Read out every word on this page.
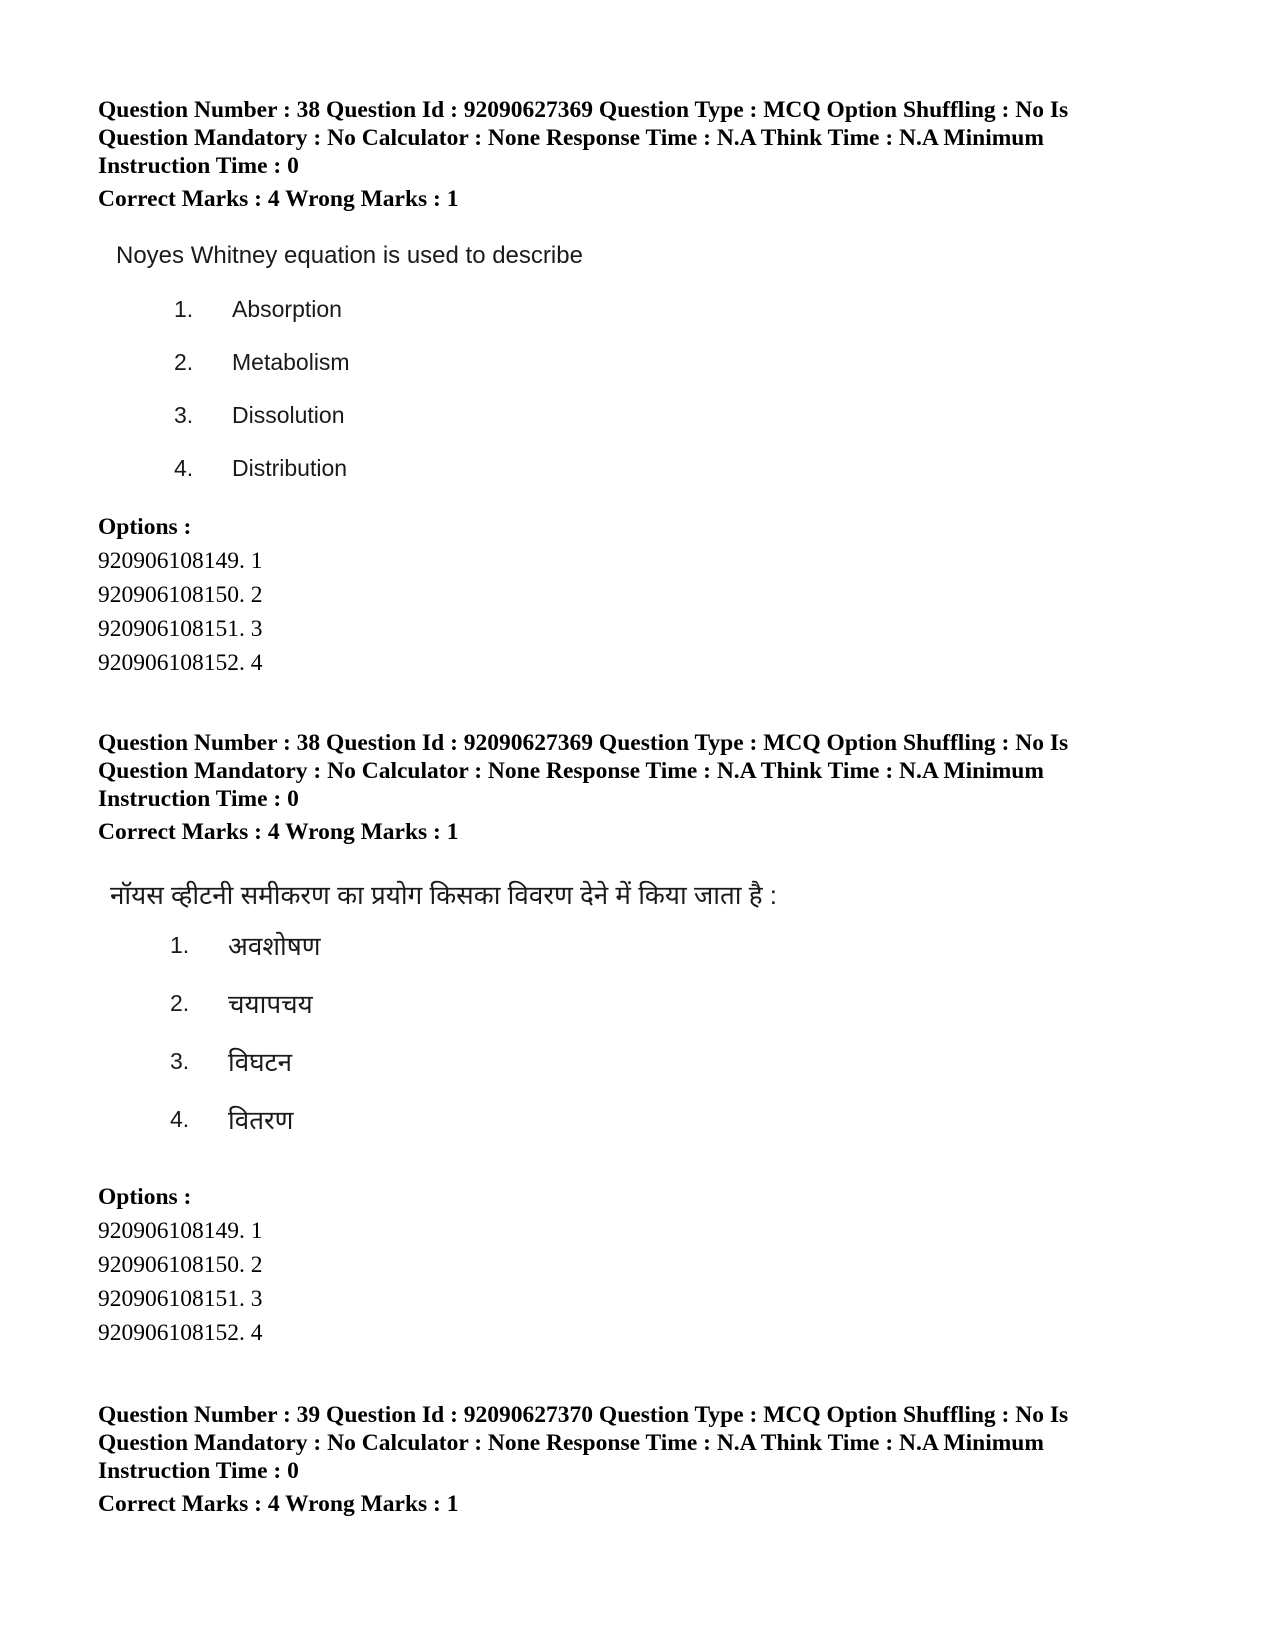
Question Number : 38 Question Id : 92090627369 Question Type : MCQ Option Shuffling : No Is

Question Mandatory : No Calculator : None Response Time : N.A Think Time : N.A Minimum

Instruction Time : 0

Correct Marks : 4 Wrong Marks : 1

Noyes Whitney equation is used to describe
1. Absorption
2. Metabolism
3. Dissolution
4. Distribution
Options :
920906108149. 1
920906108150. 2
920906108151. 3
920906108152. 4

Question Number : 38 Question Id : 92090627369 Question Type : MCQ Option Shuffling : No Is

Question Mandatory : No Calculator : None Response Time : N.A Think Time : N.A Minimum

Instruction Time : 0

Correct Marks : 4 Wrong Marks : 1

नॉयस व्हीटनी समीकरण का प्रयोग किसका विवरण देने में किया जाता है :
1. अवशोषण
2. चयापचय
3. विघटन
4. वितरण
Options :
920906108149. 1
920906108150. 2
920906108151. 3
920906108152. 4

Question Number : 39 Question Id : 92090627370 Question Type : MCQ Option Shuffling : No Is

Question Mandatory : No Calculator : None Response Time : N.A Think Time : N.A Minimum

Instruction Time : 0

Correct Marks : 4 Wrong Marks : 1
